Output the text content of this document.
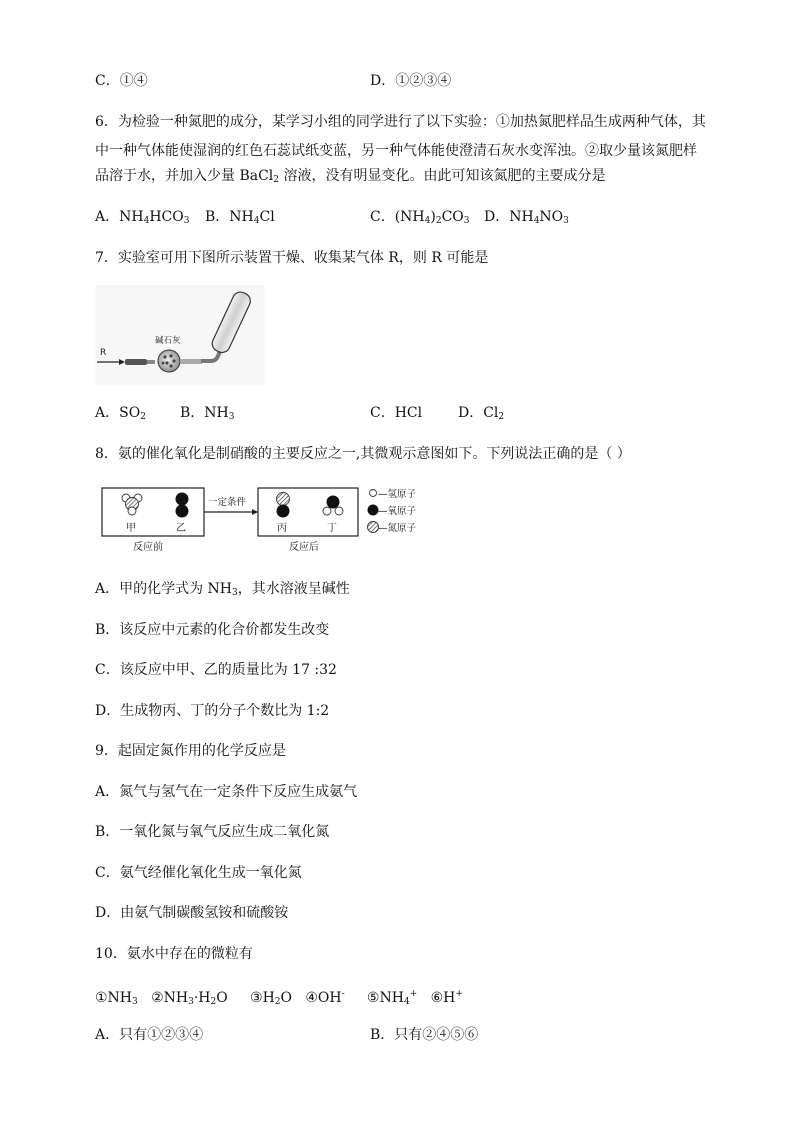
C．①④	D．①②③④
6．为检验一种氮肥的成分，某学习小组的同学进行了以下实验：①加热氮肥样品生成两种气体，其
中一种气体能使湿润的红色石蕊试纸变蓝，另一种气体能使澄清石灰水变浑浊。②取少量该氮肥样
品溶于水，并加入少量 BaCl$_2$ 溶液，没有明显变化。由此可知该氮肥的主要成分是
A．$NH_4HCO_3$ B．$NH_4Cl$	C．$(NH_4)_2CO_3$ D．$NH_4NO_3$
7．实验室可用下图所示装置干燥、收集某气体 R，则 R 可能是
R
碱石灰
A．$SO_2$ B．$NH_3$	C．HCl	D．$Cl_2$
8．氨的催化氧化是制硝酸的主要反应之一,其微观示意图如下。下列说法正确的是（ ）
甲	乙
反应前
一定条件
丙	丁
反应后
—氢原子
—氧原子
—氮原子
A．甲的化学式为 $NH_3$，其水溶液呈碱性
B．该反应中元素的化合价都发生改变
C．该反应中甲、乙的质量比为 17 :32
D．生成物丙、丁的分子个数比为 1:2
9．起固定氮作用的化学反应是
A．氮气与氢气在一定条件下反应生成氨气
B．一氧化氮与氧气反应生成二氧化氮
C．氨气经催化氧化生成一氧化氮
D．由氨气制碳酸氢铵和硫酸铵
10．氨水中存在的微粒有
$①NH_3$ $②NH_3\cdot H_2O$ $③H_2O$ ④OH- $⑤NH_4^+$ ⑥H+
A．只有①②③④	B．只有②④⑤⑥
